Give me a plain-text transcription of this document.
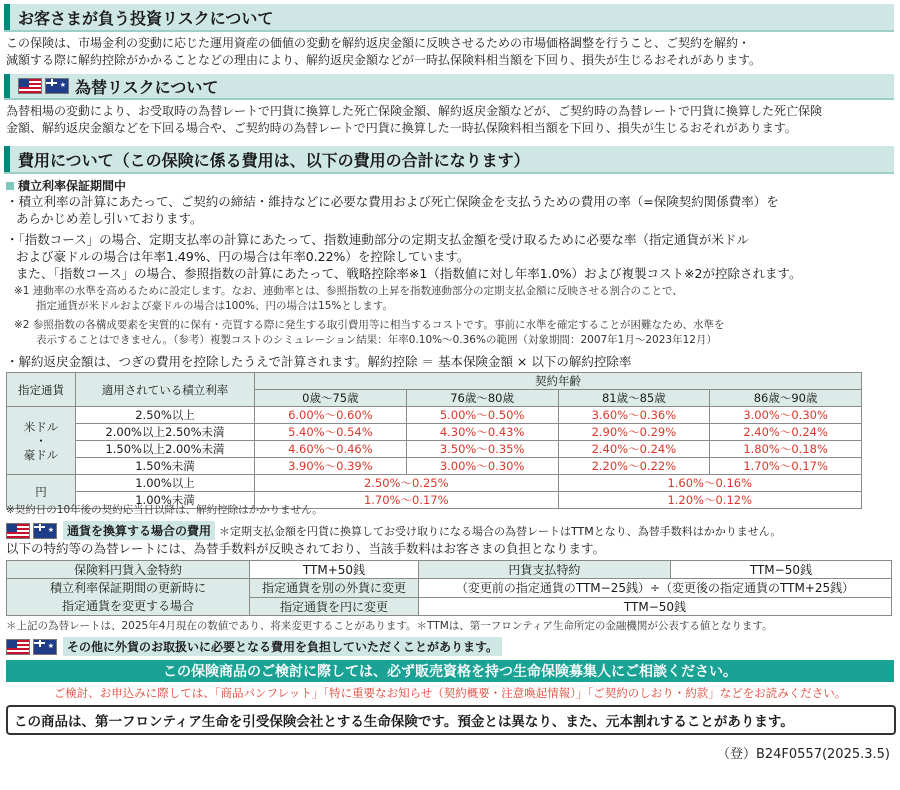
お客さまが負う投資リスクについて
この保険は、市場金利の変動に応じた運用資産の価値の変動を解約返戻金額に反映させるための市場価格調整を行うこと、ご契約を解約・
減額する際に解約控除がかかることなどの理由により、解約返戻金額などが一時払保険料相当額を下回り、損失が生じるおそれがあります。
★
為替リスクについて
為替相場の変動により、お受取時の為替レートで円貨に換算した死亡保険金額、解約返戻金額などが、ご契約時の為替レートで円貨に換算した死亡保険
金額、解約返戻金額などを下回る場合や、ご契約時の為替レートで円貨に換算した一時払保険料相当額を下回り、損失が生じるおそれがあります。
費用について（この保険に係る費用は、以下の費用の合計になります）
積立利率保証期間中
・積立利率の計算にあたって、ご契約の締結・維持などに必要な費用および死亡保険金を支払うための費用の率（=保険契約関係費率）を
あらかじめ差し引いております。
・「指数コース」の場合、定期支払率の計算にあたって、指数連動部分の定期支払金額を受け取るために必要な率（指定通貨が米ドル
および豪ドルの場合は年率1.49%、円の場合は年率0.22%）を控除しています。
また、「指数コース」の場合、参照指数の計算にあたって、戦略控除率※1（指数値に対し年率1.0%）および複製コスト※2が控除されます。
※1 連動率の水準を高めるために設定します。なお、連動率とは、参照指数の上昇を指数連動部分の定期支払金額に反映させる割合のことで、
指定通貨が米ドルおよび豪ドルの場合は100%、円の場合は15%とします。
※2 参照指数の各構成要素を実質的に保有・売買する際に発生する取引費用等に相当するコストです。事前に水準を確定することが困難なため、水準を
表示することはできません。（参考）複製コストのシミュレーション結果：年率0.10%～0.36%の範囲（対象期間：2007年1月～2023年12月）
・解約返戻金額は、つぎの費用を控除したうえで計算されます。解約控除 ＝ 基本保険金額 × 以下の解約控除率
指定通貨	適用されている積立利率	契約年齢			
		0歳～75歳	76歳～80歳	81歳～85歳	86歳～90歳

米ドル
・
豪ドル	2.50%以上	6.00%～0.60%	5.00%～0.50%	3.60%～0.36%	3.00%～0.30%
	2.00%以上2.50%未満	5.40%～0.54%	4.30%～0.43%	2.90%～0.29%	2.40%～0.24%
	1.50%以上2.00%未満	4.60%～0.46%	3.50%～0.35%	2.40%～0.24%	1.80%～0.18%
	1.50%未満	3.90%～0.39%	3.00%～0.30%	2.20%～0.22%	1.70%～0.17%
円	1.00%以上	2.50%～0.25%		1.60%～0.16%	
	1.00%未満	1.70%～0.17%		1.20%～0.12%	
※契約日の10年後の契約応当日以降は、解約控除はかかりません。
★
通貨を換算する場合の費用 ＊定期支払金額を円貨に換算してお受け取りになる場合の為替レートはTTMとなり、為替手数料はかかりません。
以下の特約等の為替レートには、為替手数料が反映されており、当該手数料はお客さまの負担となります。
保険料円貨入金特約	TTM+50銭	円貨支払特約	TTM−50銭

積立利率保証期間の更新時に
指定通貨を変更する場合	指定通貨を別の外貨に変更	（変更前の指定通貨のTTM−25銭）÷（変更後の指定通貨のTTM+25銭）	
	指定通貨を円に変更	TTM−50銭	
＊上記の為替レートは、2025年4月現在の数値であり、将来変更することがあります。＊TTMは、第一フロンティア生命所定の金融機関が公表する値となります。
★
その他に外貨のお取扱いに必要となる費用を負担していただくことがあります。
この保険商品のご検討に際しては、必ず販売資格を持つ生命保険募集人にご相談ください。
ご検討、お申込みに際しては、「商品パンフレット」「特に重要なお知らせ（契約概要・注意喚起情報）」「ご契約のしおり・約款」などをお読みください。
この商品は、第一フロンティア生命を引受保険会社とする生命保険です。預金とは異なり、また、元本割れすることがあります。
（登）B24F0557(2025.3.5)
